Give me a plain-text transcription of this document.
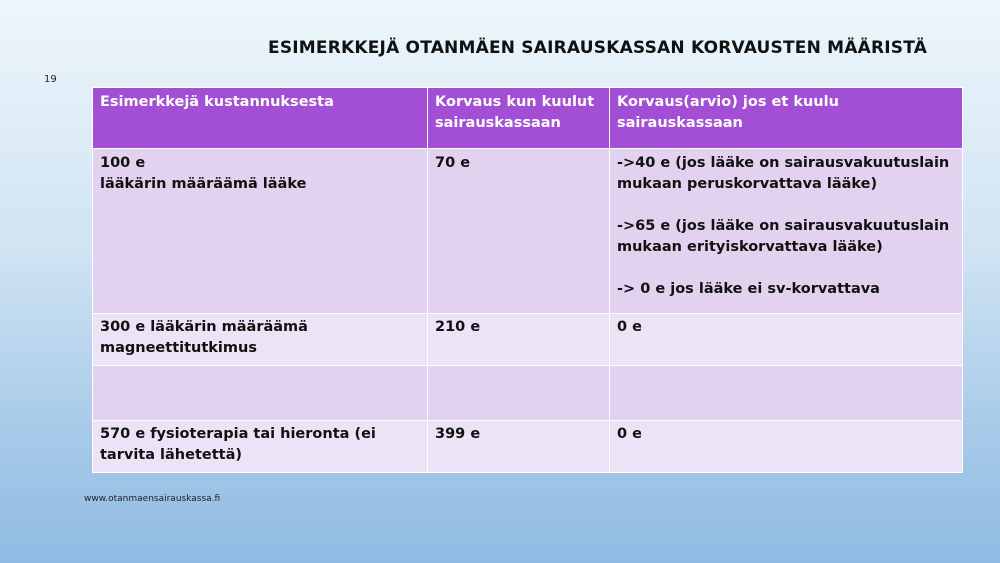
ESIMERKKEJÄ OTANMÄEN SAIRAUSKASSAN KORVAUSTEN MÄÄRISTÄ
19
Esimerkkejä kustannuksesta	Korvaus kun kuulut sairauskassaan	Korvaus(arvio) jos et kuulu sairauskassaan

100 e
lääkärin määräämä lääke	70 e	->40 e (jos lääke on sairausvakuutuslain mukaan peruskorvattava lääke)
->65 e (jos lääke on sairausvakuutuslain mukaan erityiskorvattava lääke)
-> 0 e jos lääke ei sv-korvattava

300 e lääkärin määräämä magneettitutkimus	210 e	0 e

570 e fysioterapia tai hieronta (ei tarvita lähetettä)	399 e	0 e
www.otanmaensairauskassa.fi
